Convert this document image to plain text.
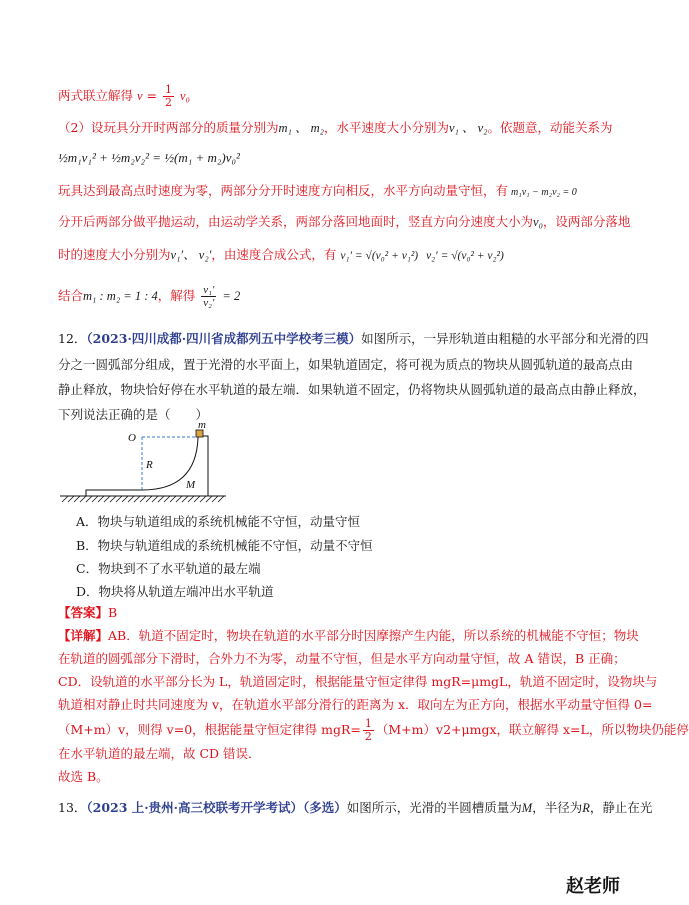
两式联立解得 $v = \frac{1}{2} v_0$
（2）设玩具分开时两部分的质量分别为m₁ 、 m₂，水平速度大小分别为v₁ 、 v₂。依题意，动能关系为
½m₁v₁² + ½m₂v₂² = ½(m₁ + m₂)v₀²
玩具达到最高点时速度为零，两部分分开时速度方向相反，水平方向动量守恒，有 m₁v₁ − m₂v₂ = 0
分开后两部分做平抛运动，由运动学关系，两部分落回地面时，竖直方向分速度大小为v₀，设两部分落地
时的速度大小分别为v₁′、 v₂′，由速度合成公式，有 v₁′ = √(v₀² + v₁²) v₂′ = √(v₀² + v₂²)
结合m₁ : m₂ = 1 : 4，解得 $\frac{\text{v₁′}}{\text{v₂′}} = 2$
12．（2023·四川成都·四川省成都列五中学校考三模）如图所示，一异形轨道由粗糙的水平部分和光滑的四
分之一圆弧部分组成，置于光滑的水平面上，如果轨道固定，将可视为质点的物块从圆弧轨道的最高点由
静止释放，物块恰好停在水平轨道的最左端．如果轨道不固定，仍将物块从圆弧轨道的最高点由静止释放，
下列说法正确的是（　　）
O
m
R
M
A．物块与轨道组成的系统机械能不守恒，动量守恒
B．物块与轨道组成的系统机械能不守恒，动量不守恒
C．物块到不了水平轨道的最左端
D．物块将从轨道左端冲出水平轨道
【答案】B
【详解】AB．轨道不固定时，物块在轨道的水平部分时因摩擦产生内能，所以系统的机械能不守恒；物块
在轨道的圆弧部分下滑时，合外力不为零，动量不守恒，但是水平方向动量守恒，故 A 错误，B 正确；
CD．设轨道的水平部分长为 L，轨道固定时，根据能量守恒定律得 mgR=μmgL，轨道不固定时，设物块与
轨道相对静止时共同速度为 v，在轨道水平部分滑行的距离为 x．取向左为正方向，根据水平动量守恒得 0=
（M+m）v，则得 v=0，根据能量守恒定律得 $mgR= \frac{1}{2} (M+m)v2+\mu mgx$，联立解得 x=L，所以物块仍能停
在水平轨道的最左端，故 CD 错误．
故选 B。
13．（2023 上·贵州·高三校联考开学考试）（多选）如图所示，光滑的半圆槽质量为M，半径为R，静止在光
赵老师
